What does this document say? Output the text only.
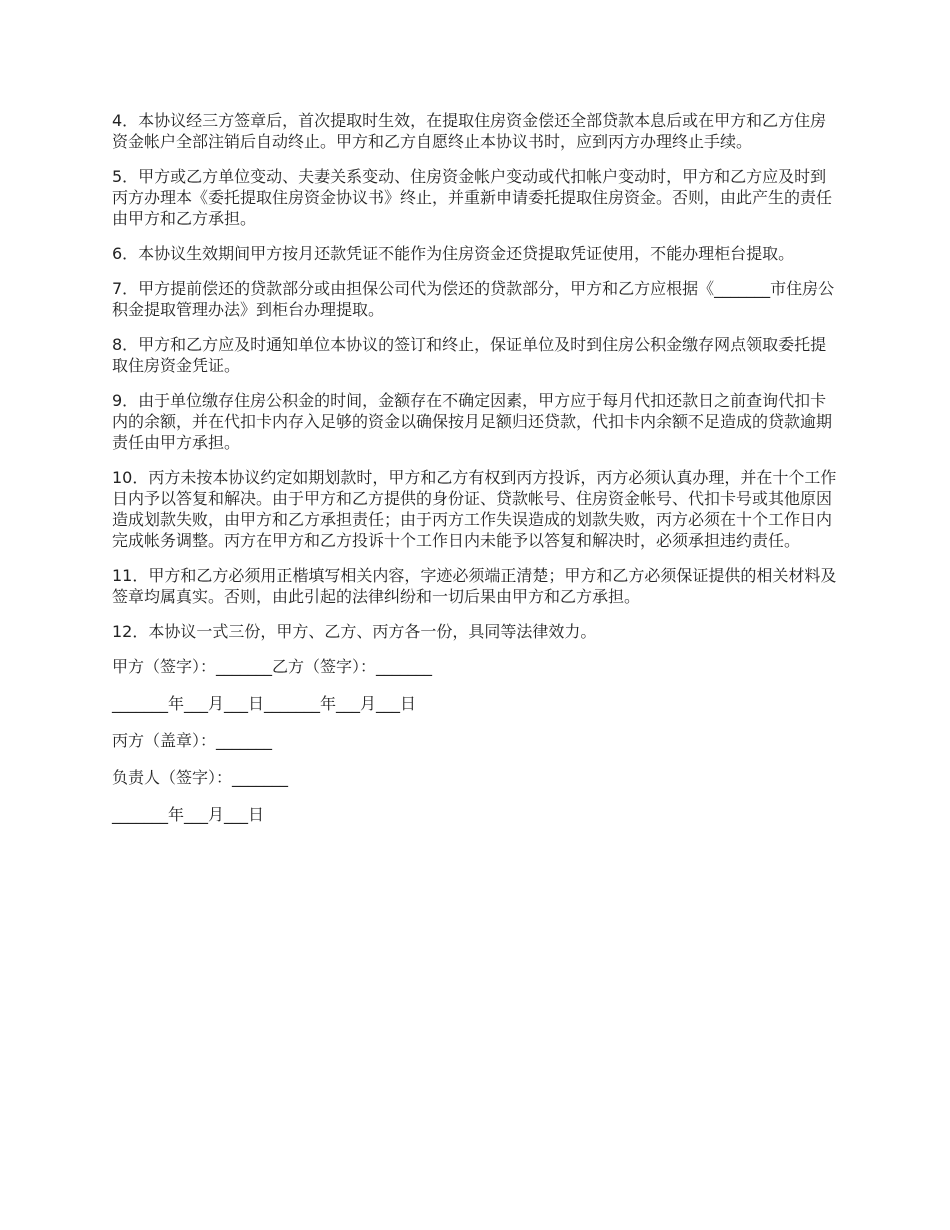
4．本协议经三方签章后，首次提取时生效，在提取住房资金偿还全部贷款本息后或在甲方和乙方住房资金帐户全部注销后自动终止。甲方和乙方自愿终止本协议书时，应到丙方办理终止手续。

5．甲方或乙方单位变动、夫妻关系变动、住房资金帐户变动或代扣帐户变动时，甲方和乙方应及时到丙方办理本《委托提取住房资金协议书》终止，并重新申请委托提取住房资金。否则，由此产生的责任由甲方和乙方承担。

6．本协议生效期间甲方按月还款凭证不能作为住房资金还贷提取凭证使用，不能办理柜台提取。

7．甲方提前偿还的贷款部分或由担保公司代为偿还的贷款部分，甲方和乙方应根据《_______市住房公积金提取管理办法》到柜台办理提取。

8．甲方和乙方应及时通知单位本协议的签订和终止，保证单位及时到住房公积金缴存网点领取委托提取住房资金凭证。

9．由于单位缴存住房公积金的时间，金额存在不确定因素，甲方应于每月代扣还款日之前查询代扣卡内的余额，并在代扣卡内存入足够的资金以确保按月足额归还贷款，代扣卡内余额不足造成的贷款逾期责任由甲方承担。

10．丙方未按本协议约定如期划款时，甲方和乙方有权到丙方投诉，丙方必须认真办理，并在十个工作日内予以答复和解决。由于甲方和乙方提供的身份证、贷款帐号、住房资金帐号、代扣卡号或其他原因造成划款失败，由甲方和乙方承担责任；由于丙方工作失误造成的划款失败，丙方必须在十个工作日内完成帐务调整。丙方在甲方和乙方投诉十个工作日内未能予以答复和解决时，必须承担违约责任。

11．甲方和乙方必须用正楷填写相关内容，字迹必须端正清楚；甲方和乙方必须保证提供的相关材料及签章均属真实。否则，由此引起的法律纠纷和一切后果由甲方和乙方承担。

12．本协议一式三份，甲方、乙方、丙方各一份，具同等法律效力。

甲方（签字）：_______乙方（签字）：_______

_______年___月___日_______年___月___日

丙方（盖章）：_______

负责人（签字）：_______

_______年___月___日
